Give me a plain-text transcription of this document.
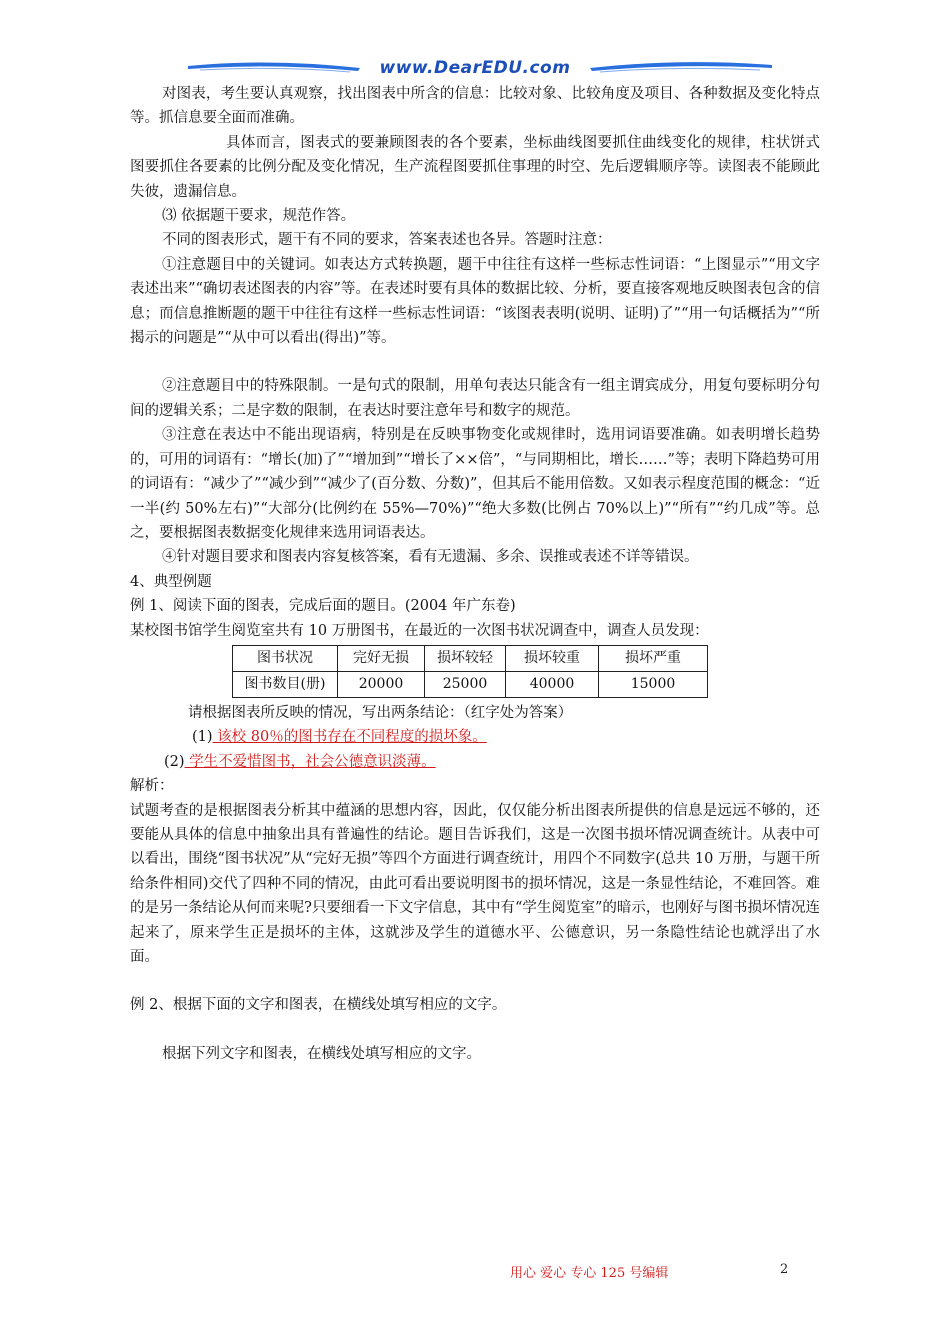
www.DearEDU.com

对图表，考生要认真观察，找出图表中所含的信息：比较对象、比较角度及项目、各种数据及变化特点等。抓信息要全面而准确。

具体而言，图表式的要兼顾图表的各个要素，坐标曲线图要抓住曲线变化的规律，柱状饼式图要抓住各要素的比例分配及变化情况，生产流程图要抓住事理的时空、先后逻辑顺序等。读图表不能顾此失彼，遗漏信息。

⑶ 依据题干要求，规范作答。

不同的图表形式，题干有不同的要求，答案表述也各异。答题时注意：

①注意题目中的关键词。如表达方式转换题，题干中往往有这样一些标志性词语：“上图显示”“用文字表述出来”“确切表述图表的内容”等。在表述时要有具体的数据比较、分析，要直接客观地反映图表包含的信息；而信息推断题的题干中往往有这样一些标志性词语：“该图表表明(说明、证明)了”“用一句话概括为”“所揭示的问题是”“从中可以看出(得出)”等。

②注意题目中的特殊限制。一是句式的限制，用单句表达只能含有一组主谓宾成分，用复句要标明分句间的逻辑关系；二是字数的限制，在表达时要注意年号和数字的规范。

③注意在表达中不能出现语病，特别是在反映事物变化或规律时，选用词语要准确。如表明增长趋势的，可用的词语有：“增长(加)了”“增加到”“增长了××倍”，“与同期相比，增长……”等；表明下降趋势可用的词语有：“减少了”“减少到”“减少了(百分数、分数)”，但其后不能用倍数。又如表示程度范围的概念：“近一半(约 50%左右)”“大部分(比例约在 55%—70%)”“绝大多数(比例占 70%以上)”“所有”“约几成”等。总之，要根据图表数据变化规律来选用词语表达。

④针对题目要求和图表内容复核答案，看有无遗漏、多余、误推或表述不详等错误。

4、典型例题

例 1、阅读下面的图表，完成后面的题目。(2004 年广东卷)

某校图书馆学生阅览室共有 10 万册图书，在最近的一次图书状况调查中，调查人员发现：

图书状况	完好无损	损坏较轻	损坏较重	损坏严重
图书数目(册)	20000	25000	40000	15000

请根据图表所反映的情况，写出两条结论：（红字处为答案）

(1) 该校 80％的图书存在不同程度的损坏象。

(2) 学生不爱惜图书，社会公德意识淡薄。

解析：

试题考查的是根据图表分析其中蕴涵的思想内容，因此，仅仅能分析出图表所提供的信息是远远不够的，还要能从具体的信息中抽象出具有普遍性的结论。题目告诉我们，这是一次图书损坏情况调查统计。从表中可以看出，围绕“图书状况”从“完好无损”等四个方面进行调查统计，用四个不同数字(总共 10 万册，与题干所给条件相同)交代了四种不同的情况，由此可看出要说明图书的损坏情况，这是一条显性结论，不难回答。难的是另一条结论从何而来呢?只要细看一下文字信息，其中有“学生阅览室”的暗示，也刚好与图书损坏情况连起来了，原来学生正是损坏的主体，这就涉及学生的道德水平、公德意识，另一条隐性结论也就浮出了水面。

例 2、根据下面的文字和图表，在横线处填写相应的文字。

根据下列文字和图表，在横线处填写相应的文字。

用心 爱心 专心 125 号编辑	2
